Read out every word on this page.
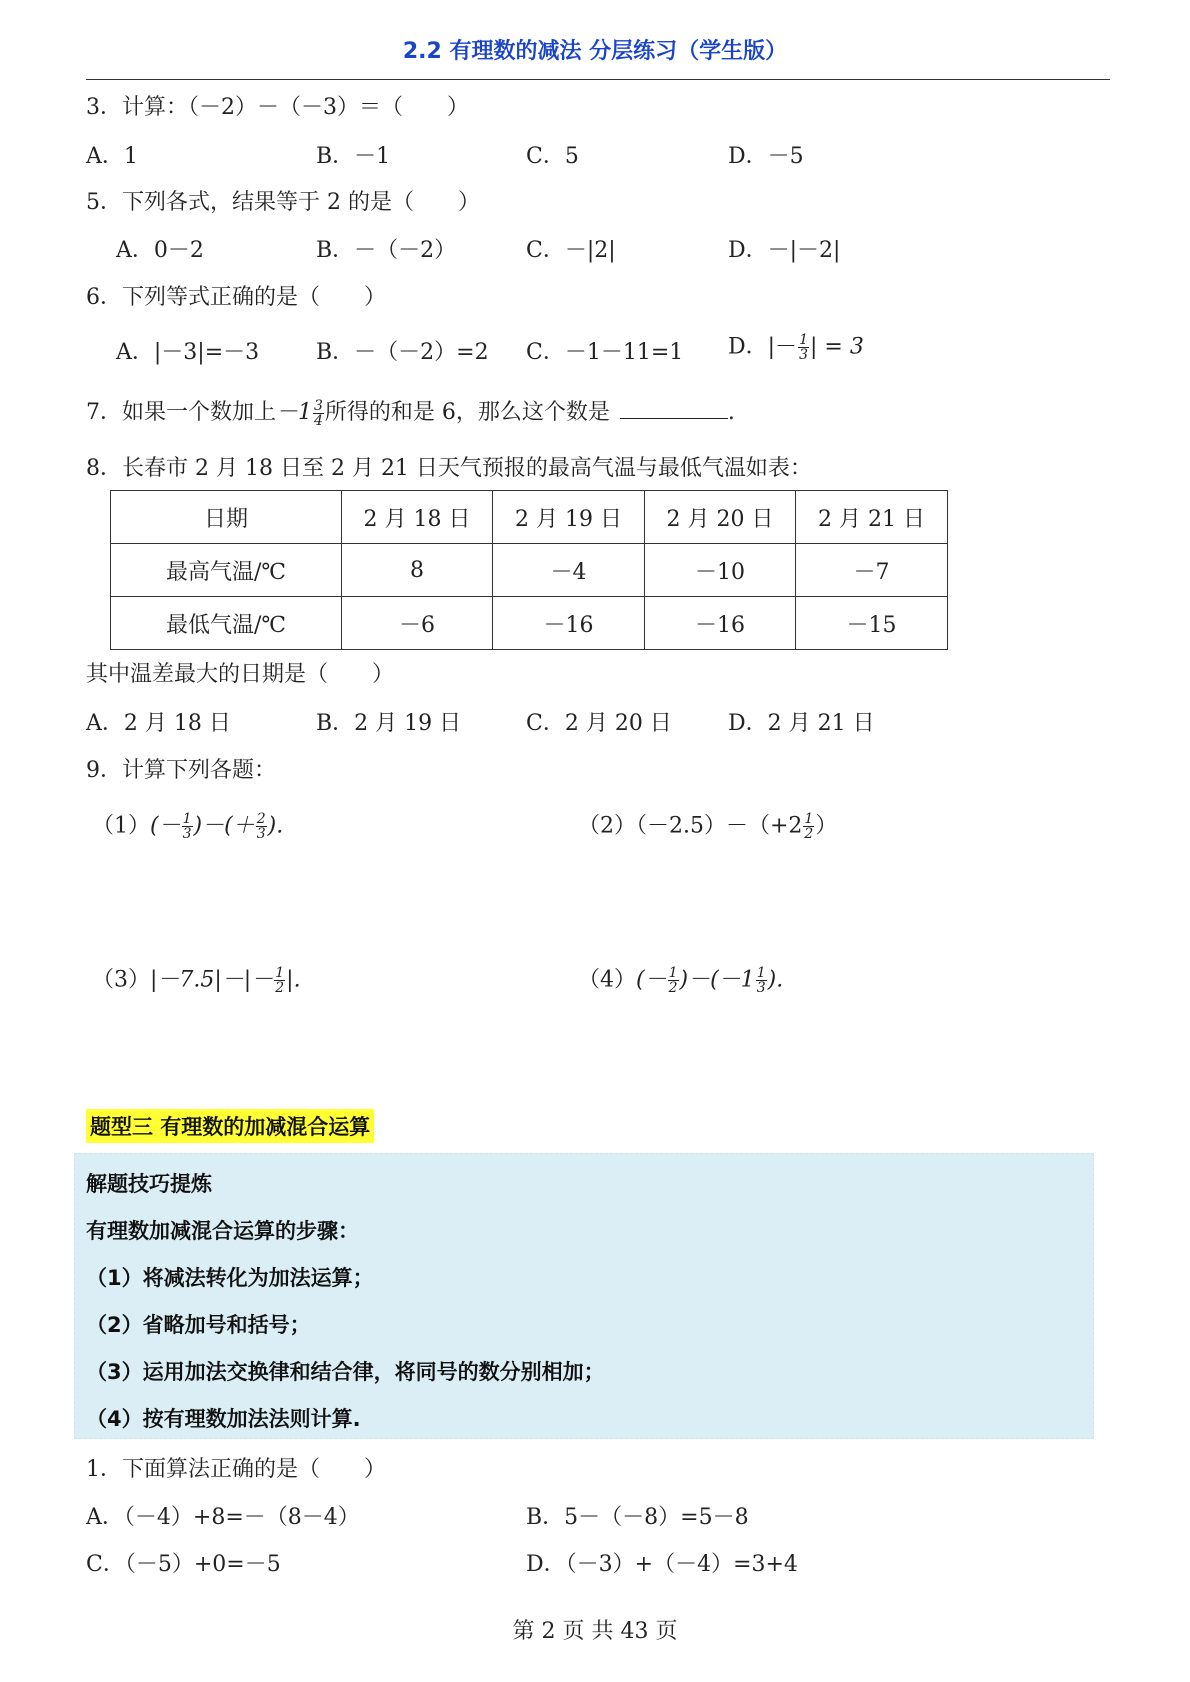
2.2 有理数的减法 分层练习（学生版）
3．计算：（－2）－（－3）＝（　　）
A．1	B．－1	C．5	D．－5
5．下列各式，结果等于 2 的是（　　）
A．0－2	B．－（－2）	C．－|2|	D．－|－2|
6．下列等式正确的是（　　）
A．|－3|=－3	B．－（－2）=2 C．－1－11=1 D．|－ $\frac{1}{3}$ | = 3
7．如果一个数加上$-1 \frac{3}{4}$ 所得的和是 6，那么这个数是	.
8．长春市 2 月 18 日至 2 月 21 日天气预报的最高气温与最低气温如表：
日期	2 月 18 日	2 月 19 日	2 月 20 日	2 月 21 日
最高气温/℃	8	－4	－10	－7
最低气温/℃	－6	－16	－16	－15
其中温差最大的日期是（　　）
A．2 月 18 日	B．2 月 19 日	C．2 月 20 日	D．2 月 21 日
9．计算下列各题：
$(1)(- \frac{1}{3}$ )－(＋ $\frac{2}{3}$ ).	$(2)(-2.5)-(+2 \frac{1}{2}$ ）
$(3)|-7.5|-|- \frac{1}{2}$ |.	$(4)(- \frac{1}{2} )-(-1 \frac{1}{3}$ ).
题型三 有理数的加减混合运算
解题技巧提炼
有理数加减混合运算的步骤：
（1）将减法转化为加法运算；
（2）省略加号和括号；
（3）运用加法交换律和结合律，将同号的数分别相加；
（4）按有理数加法法则计算.
1．下面算法正确的是（　　）
A．（－4）+8=－（8－4）	B．5－（－8）=5－8
C．（－5）+0=－5	D．（－3）+（－4）=3+4
第 2 页 共 43 页
